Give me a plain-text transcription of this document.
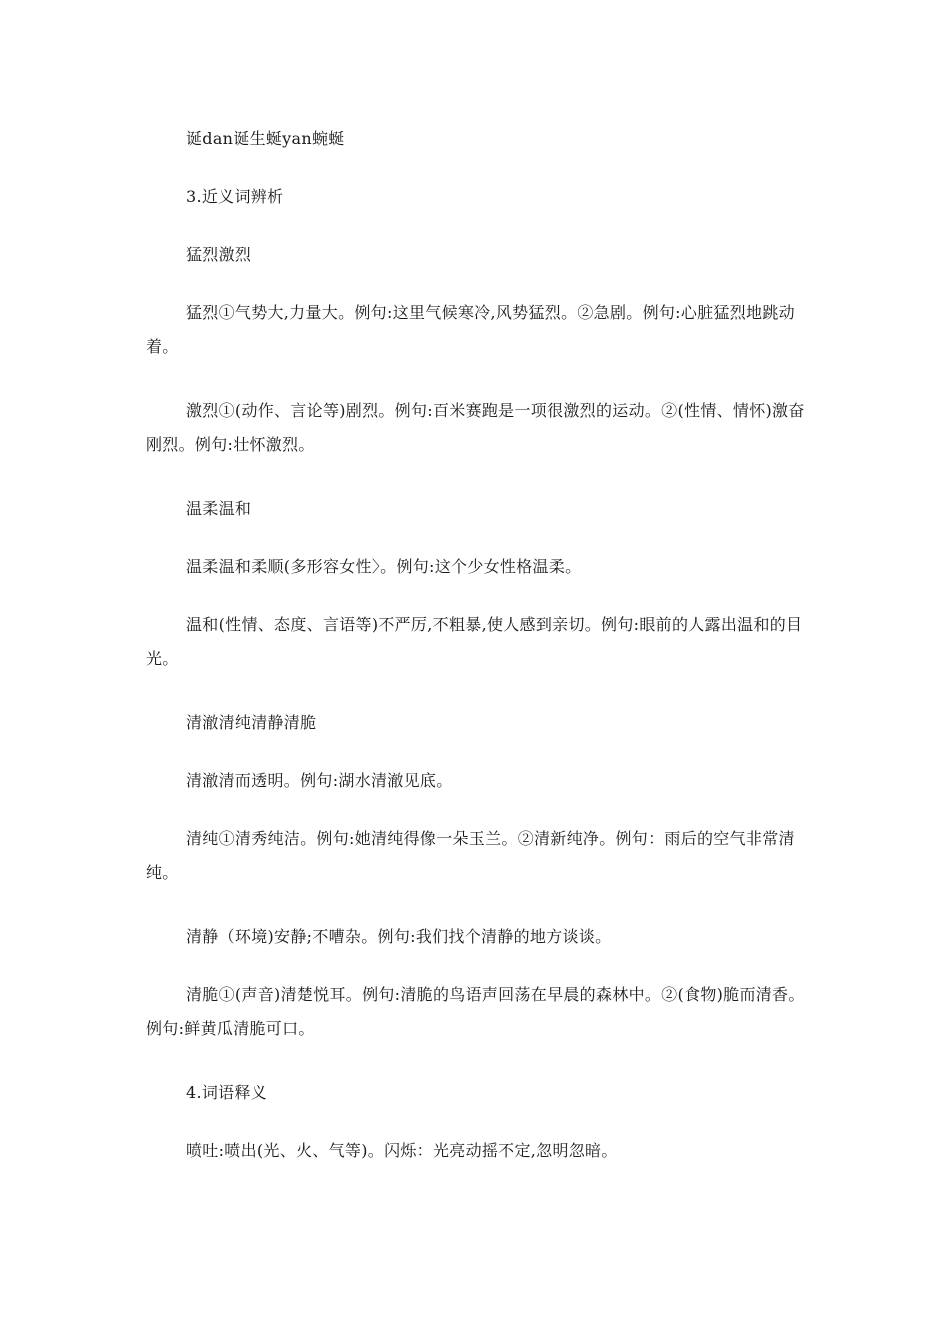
诞dan诞生蜒yan蜿蜒

3.近义词辨析

猛烈激烈

猛烈①气势大,力量大。例句:这里气候寒冷,风势猛烈。②急剧。例句:心脏猛烈地跳动着。

激烈①(动作、言论等)剧烈。例句:百米赛跑是一项很激烈的运动。②(性情、情怀)激奋刚烈。例句:壮怀激烈。

温柔温和

温柔温和柔顺(多形容女性〉。例句:这个少女性格温柔。

温和(性情、态度、言语等)不严厉,不粗暴,使人感到亲切。例句:眼前的人露出温和的目光。

清澈清纯清静清脆

清澈清而透明。例句:湖水清澈见底。

清纯①清秀纯洁。例句:她清纯得像一朵玉兰。②清新纯净。例句：雨后的空气非常清纯。

清静（环境)安静;不嘈杂。例句:我们找个清静的地方谈谈。

清脆①(声音)清楚悦耳。例句:清脆的鸟语声回荡在早晨的森林中。②(食物)脆而清香。例句:鲜黄瓜清脆可口。

4.词语释义

喷吐:喷出(光、火、气等)。闪烁：光亮动摇不定,忽明忽暗。
